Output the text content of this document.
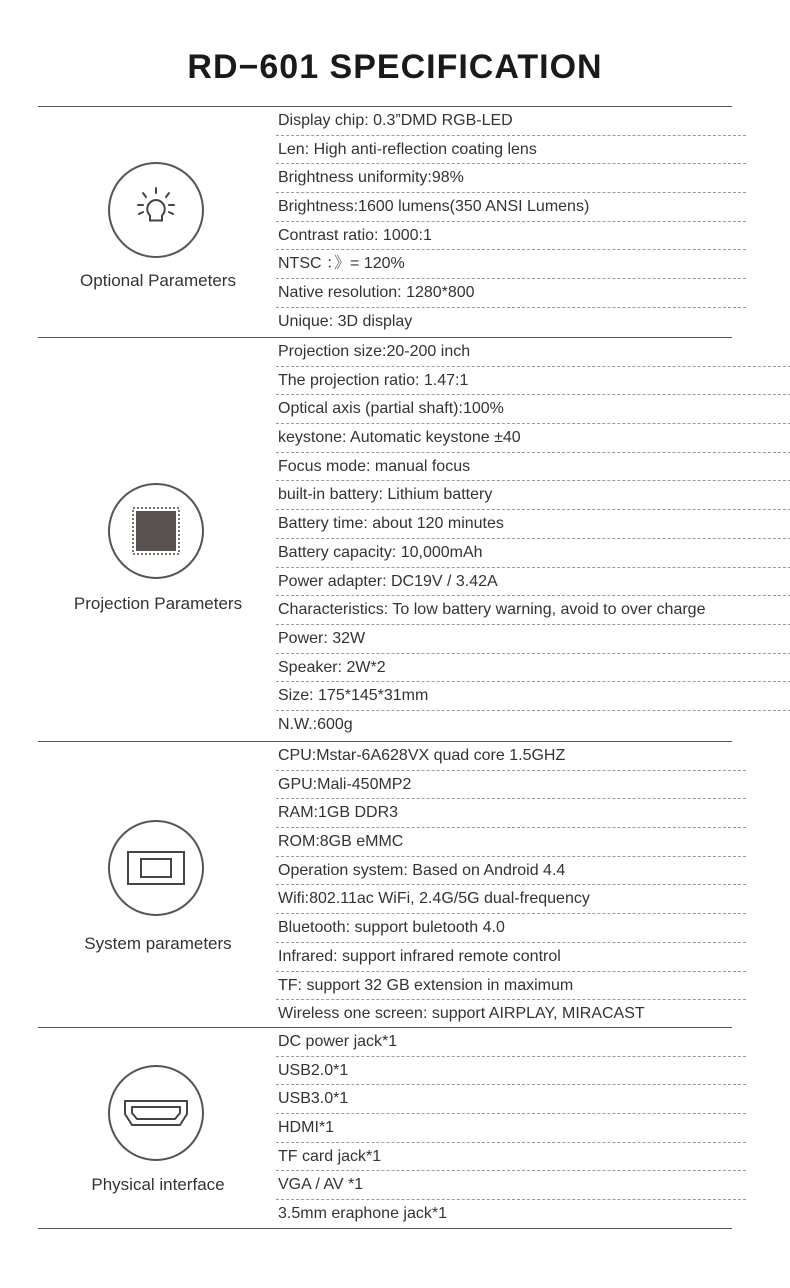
RD−601 SPECIFICATION
Optional Parameters
Display chip: 0.3”DMD RGB-LED
Len: High anti-reflection coating lens
Brightness uniformity:98%
Brightness:1600 lumens(350 ANSI Lumens)
Contrast ratio: 1000:1
NTSC ：》= 120%
Native resolution: 1280*800
Unique: 3D display
Projection Parameters
Projection size:20-200 inch
The projection ratio: 1.47:1
Optical axis (partial shaft):100%
keystone: Automatic keystone ±40
Focus mode: manual focus
built-in battery: Lithium battery
Battery time: about 120 minutes
Battery capacity: 10,000mAh
Power adapter: DC19V / 3.42A
Characteristics: To low battery warning, avoid to over charge
Power: 32W
Speaker: 2W*2
Size: 175*145*31mm
N.W.:600g
System parameters
CPU:Mstar-6A628VX quad core 1.5GHZ
GPU:Mali-450MP2
RAM:1GB DDR3
ROM:8GB eMMC
Operation system: Based on Android 4.4
Wifi:802.11ac WiFi, 2.4G/5G dual-frequency
Bluetooth: support buletooth 4.0
Infrared: support infrared remote control
TF: support 32 GB extension in maximum
Wireless one screen: support AIRPLAY, MIRACAST
Physical interface
DC power jack*1
USB2.0*1
USB3.0*1
HDMI*1
TF card jack*1
VGA / AV *1
3.5mm eraphone jack*1
